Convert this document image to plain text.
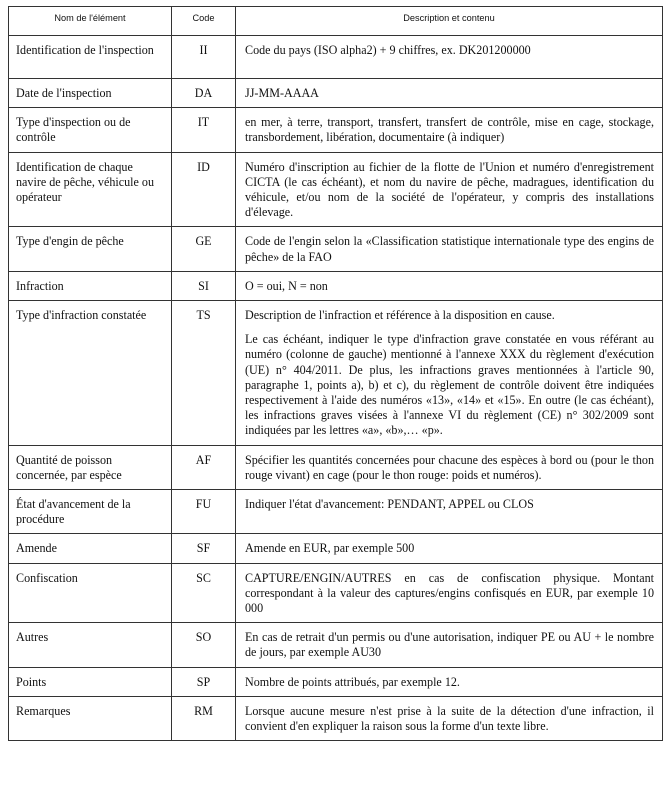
Nom de l'élément	Code	Description et contenu
Identification de l'inspection	II	Code du pays (ISO alpha2) + 9 chiffres, ex. DK201200000

Date de l'inspection	DA	JJ-MM-AAAA

Type d'inspection ou de contrôle	IT	en mer, à terre, transport, transfert, transfert de contrôle, mise en cage, stockage, transbordement, libération, documentaire (à indiquer)

Identification de chaque navire de pêche, véhicule ou opérateur	ID	Numéro d'inscription au fichier de la flotte de l'Union et numéro d'enregistrement CICTA (le cas échéant), et nom du navire de pêche, madragues, identification du véhicule, et/ou nom de la société de l'opérateur, y compris des installations d'élevage.

Type d'engin de pêche	GE	Code de l'engin selon la «Classification statistique internationale type des engins de pêche» de la FAO

Infraction	SI	O = oui, N = non

Type d'infraction constatée	TS	Description de l'infraction et référence à la disposition en cause.

Le cas échéant, indiquer le type d'infraction grave constatée en vous référant au numéro (colonne de gauche) mentionné à l'annexe XXX du règlement d'exécution (UE) n° 404/2011. De plus, les infractions graves mentionnées à l'article 90, paragraphe 1, points a), b) et c), du règlement de contrôle doivent être indiquées respectivement à l'aide des numéros «13», «14» et «15». En outre (le cas échéant), les infractions graves visées à l'annexe VI du règlement (CE) n° 302/2009 sont indiquées par les lettres «a», «b»,… «p».

Quantité de poisson concernée, par espèce	AF	Spécifier les quantités concernées pour chacune des espèces à bord ou (pour le thon rouge vivant) en cage (pour le thon rouge: poids et numéros).

État d'avancement de la procédure	FU	Indiquer l'état d'avancement: PENDANT, APPEL ou CLOS

Amende	SF	Amende en EUR, par exemple 500

Confiscation	SC	CAPTURE/ENGIN/AUTRES en cas de confiscation physique. Montant correspondant à la valeur des captures/engins confisqués en EUR, par exemple 10 000

Autres	SO	En cas de retrait d'un permis ou d'une autorisation, indiquer PE ou AU + le nombre de jours, par exemple AU30

Points	SP	Nombre de points attribués, par exemple 12.

Remarques	RM	Lorsque aucune mesure n'est prise à la suite de la détection d'une infraction, il convient d'en expliquer la raison sous la forme d'un texte libre.
